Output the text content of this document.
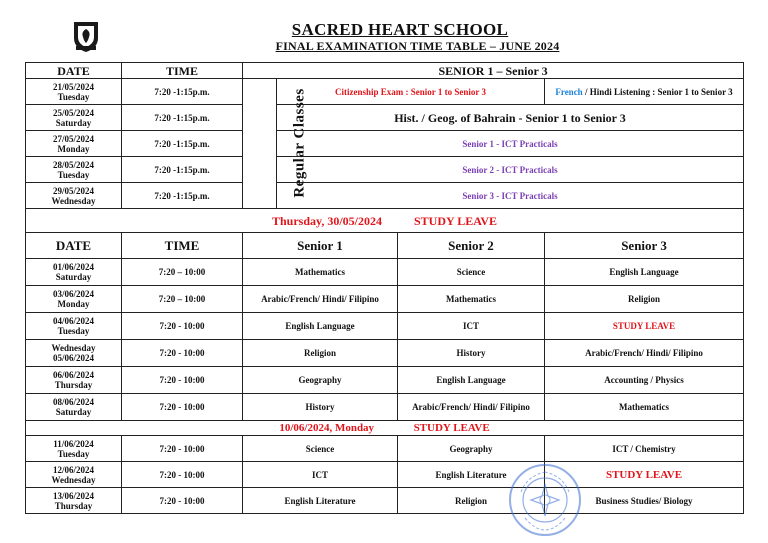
SACRED HEART SCHOOL
FINAL EXAMINATION TIME TABLE – JUNE 2024
DATE	TIME	SENIOR 1 – Senior 3			
21/05/2024
Tuesday	7:20 -1:15p.m.	Regular Classes	Citizenship Exam : Senior 1 to Senior 3		French / Hindi Listening : Senior 1 to Senior 3
25/05/2024
Saturday	7:20 -1:15p.m.		Hist. / Geog. of Bahrain - Senior 1 to Senior 3		
27/05/2024
Monday	7:20 -1:15p.m.		Senior 1 - ICT Practicals		
28/05/2024
Tuesday	7:20 -1:15p.m.		Senior 2 - ICT Practicals		
29/05/2024
Wednesday	7:20 -1:15p.m.		Senior 3 - ICT Practicals		
Thursday, 30/05/2024 STUDY LEAVE					
DATE	TIME	Senior 1		Senior 2	Senior 3
01/06/2024
Saturday	7:20 – 10:00	Mathematics		Science	English Language
03/06/2024
Monday	7:20 – 10:00	Arabic/French/ Hindi/ Filipino		Mathematics	Religion
04/06/2024
Tuesday	7:20 - 10:00	English Language		ICT	STUDY LEAVE
Wednesday
05/06/2024	7:20 - 10:00	Religion		History	Arabic/French/ Hindi/ Filipino
06/06/2024
Thursday	7:20 - 10:00	Geography		English Language	Accounting / Physics
08/06/2024
Saturday	7:20 - 10:00	History		Arabic/French/ Hindi/ Filipino	Mathematics
10/06/2024, Monday STUDY LEAVE					
11/06/2024
Tuesday	7:20 - 10:00	Science		Geography	ICT / Chemistry
12/06/2024
Wednesday	7:20 - 10:00	ICT		English Literature	STUDY LEAVE
13/06/2024
Thursday	7:20 - 10:00	English Literature		Religion	Business Studies/ Biology
